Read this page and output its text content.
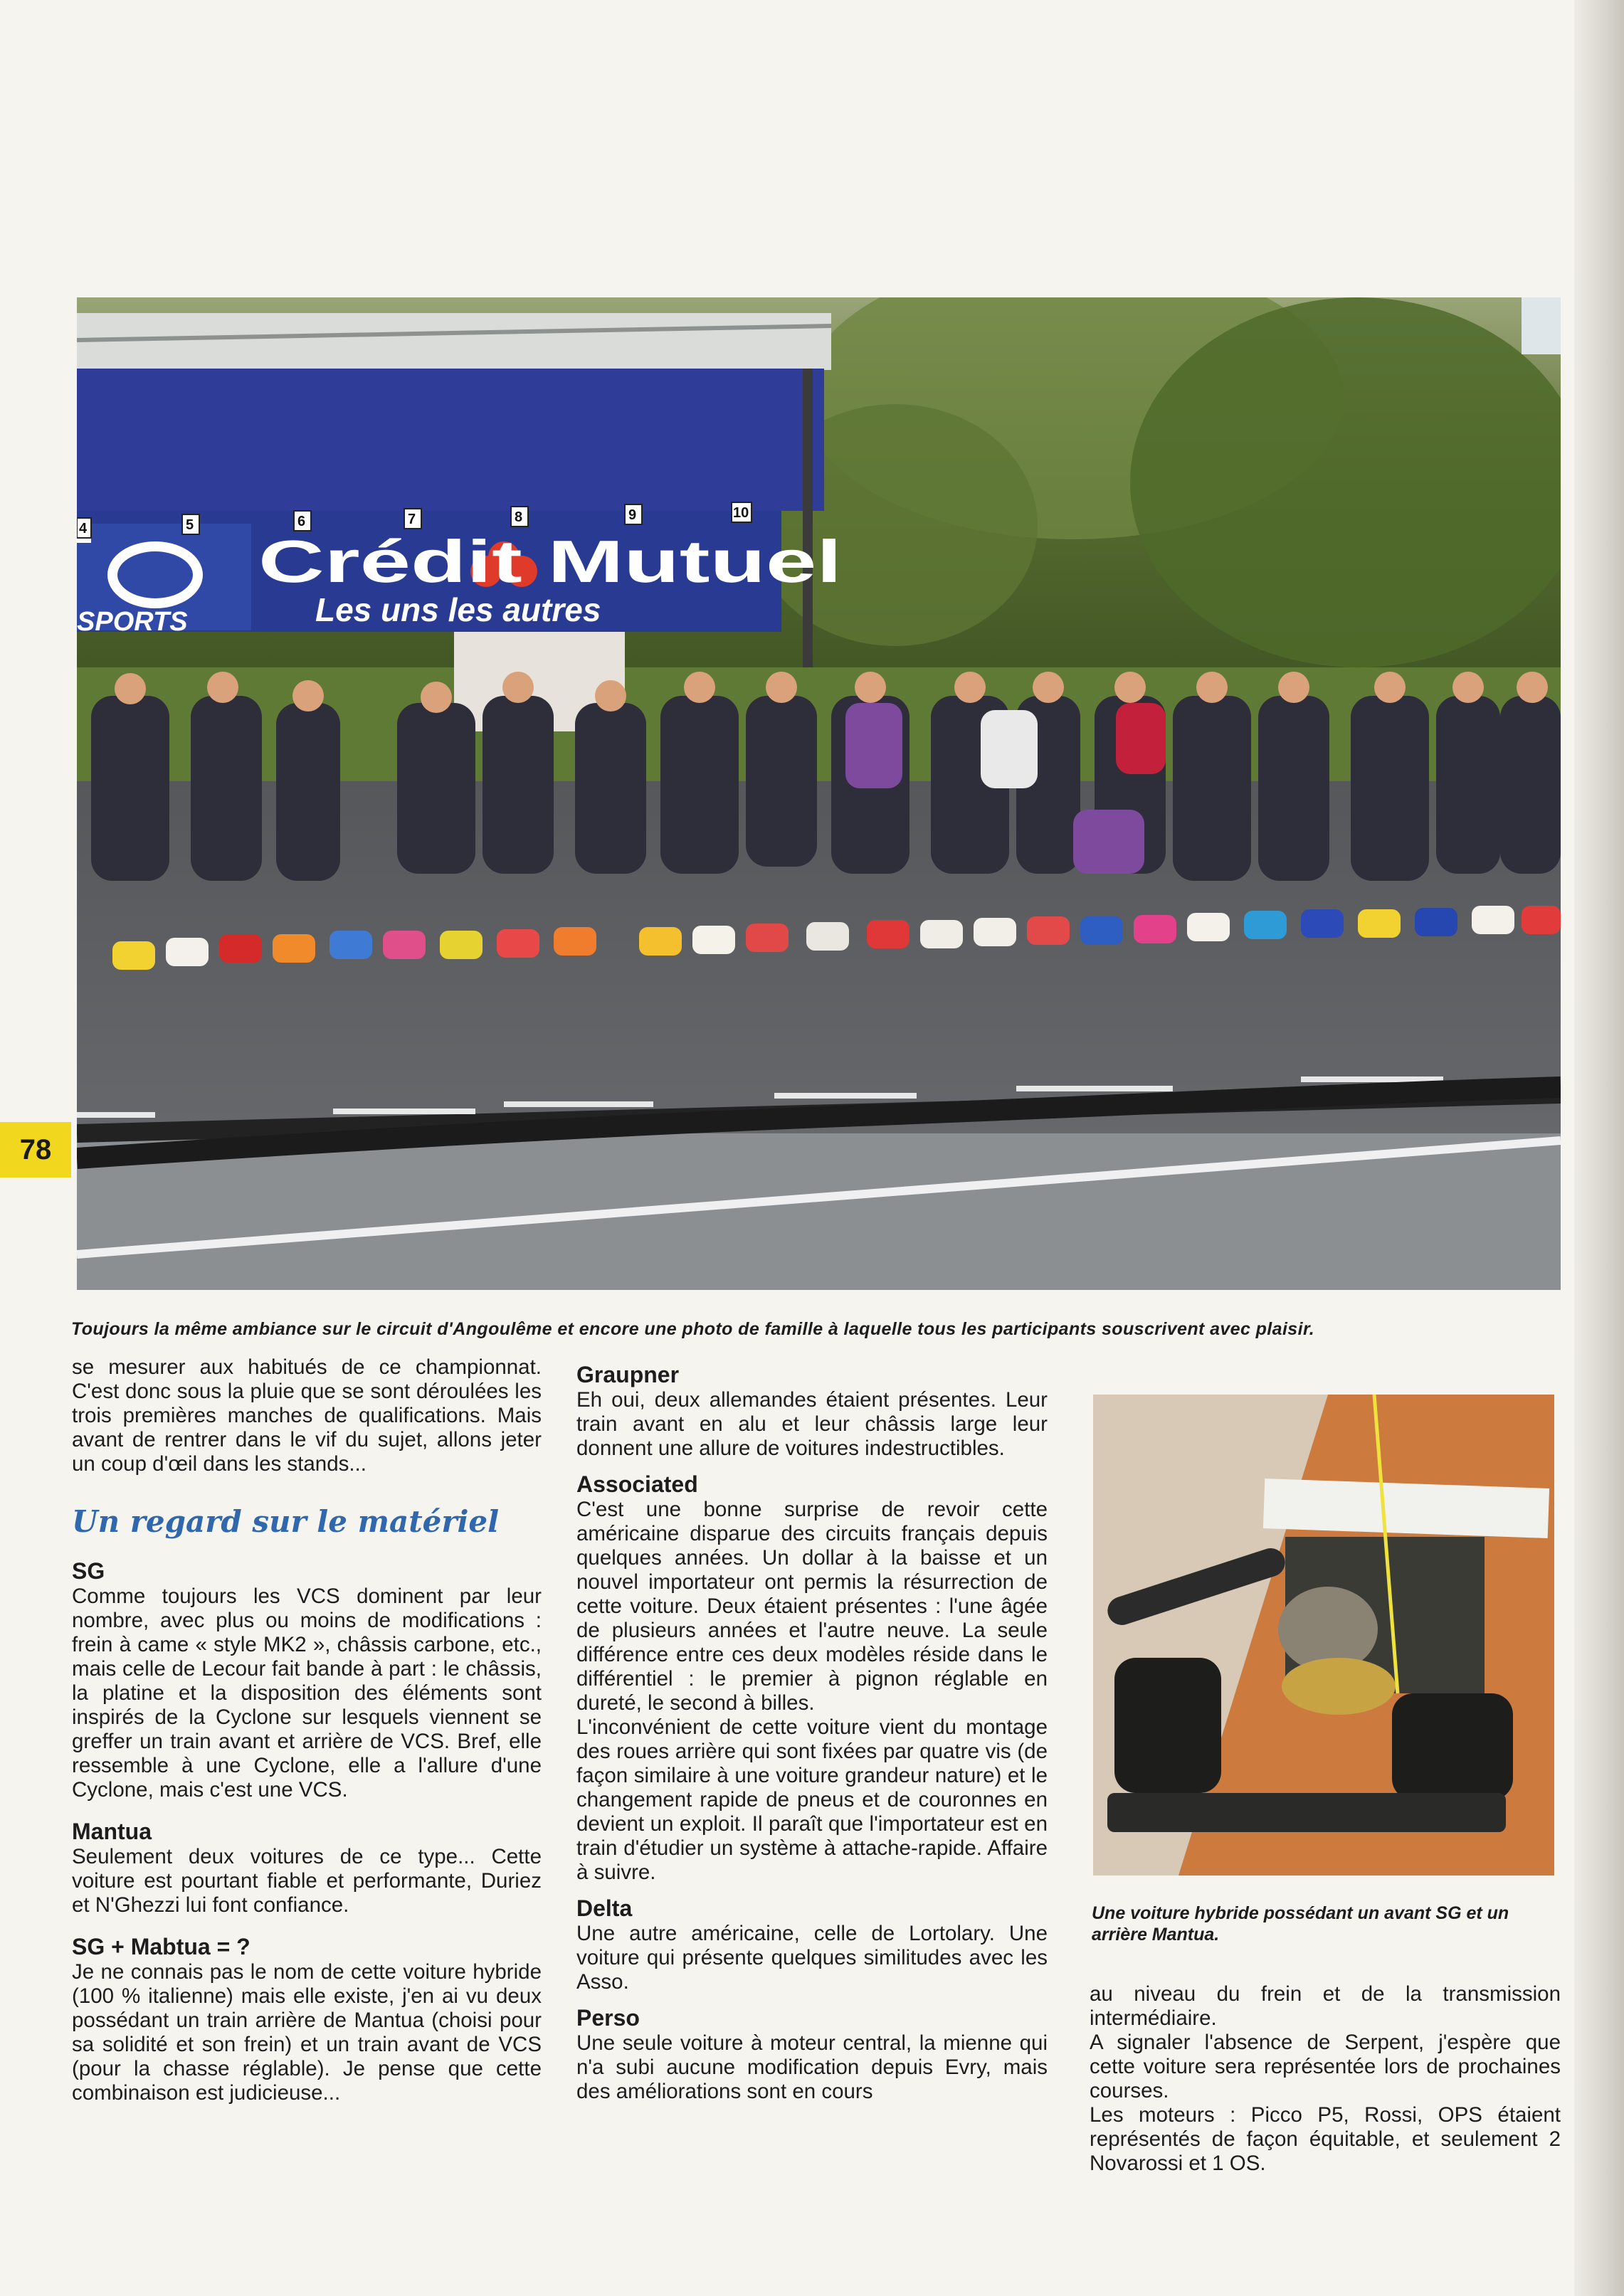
4	5	6	7	8	9	10
Crédit Mutuel
Les uns les autres
SPORTS
78
Toujours la même ambiance sur le circuit d'Angoulême et encore une photo de famille à laquelle tous les participants souscrivent avec plaisir.

se mesurer aux habitués de ce championnat. C'est donc sous la pluie que se sont déroulées les trois premières manches de qualifications. Mais avant de rentrer dans le vif du sujet, allons jeter un coup d'œil dans les stands...

Un regard sur le matériel
SG

Comme toujours les VCS dominent par leur nombre, avec plus ou moins de modifications : frein à came « style MK2 », châssis carbone, etc., mais celle de Lecour fait bande à part : le châssis, la platine et la disposition des éléments sont inspirés de la Cyclone sur lesquels viennent se greffer un train avant et arrière de VCS. Bref, elle ressemble à une Cyclone, elle a l'allure d'une Cyclone, mais c'est une VCS.

Mantua

Seulement deux voitures de ce type... Cette voiture est pourtant fiable et performante, Duriez et N'Ghezzi lui font confiance.

SG + Mabtua = ?

Je ne connais pas le nom de cette voiture hybride (100 % italienne) mais elle existe, j'en ai vu deux possédant un train arrière de Mantua (choisi pour sa solidité et son frein) et un train avant de VCS (pour la chasse réglable). Je pense que cette combinaison est judicieuse...

Graupner

Eh oui, deux allemandes étaient présentes. Leur train avant en alu et leur châssis large leur donnent une allure de voitures indestructibles.

Associated

C'est une bonne surprise de revoir cette américaine disparue des circuits français depuis quelques années. Un dollar à la baisse et un nouvel importateur ont permis la résurrection de cette voiture. Deux étaient présentes : l'une âgée de plusieurs années et l'autre neuve. La seule différence entre ces deux modèles réside dans le différentiel : le premier à pignon réglable en dureté, le second à billes.

L'inconvénient de cette voiture vient du montage des roues arrière qui sont fixées par quatre vis (de façon similaire à une voiture grandeur nature) et le changement rapide de pneus et de couronnes en devient un exploit. Il paraît que l'importateur est en train d'étudier un système à attache-rapide. Affaire à suivre.

Delta

Une autre américaine, celle de Lortolary. Une voiture qui présente quelques similitudes avec les Asso.

Perso

Une seule voiture à moteur central, la mienne qui n'a subi aucune modification depuis Evry, mais des améliorations sont en cours

Une voiture hybride possédant un avant SG et un arrière Mantua.

au niveau du frein et de la transmission intermédiaire.

A signaler l'absence de Serpent, j'espère que cette voiture sera représentée lors de prochaines courses.

Les moteurs : Picco P5, Rossi, OPS étaient représentés de façon équitable, et seulement 2 Novarossi et 1 OS.
